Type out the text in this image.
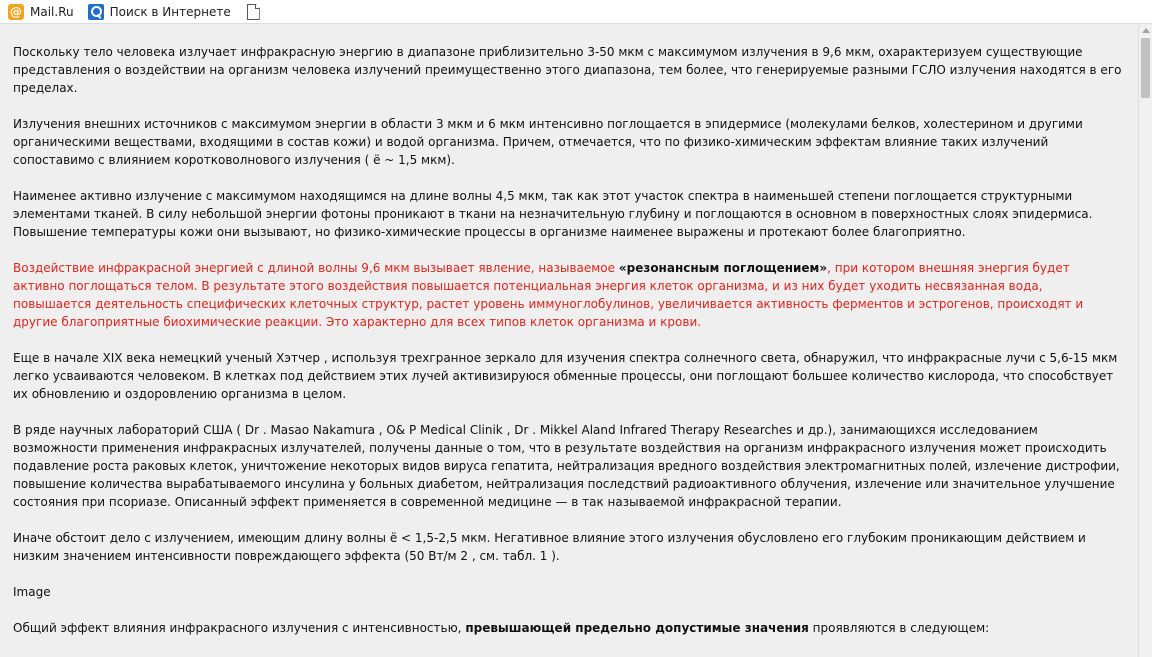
@ Mail.Ru	Поиск в Интернете

Поскольку тело человека излучает инфракрасную энергию в диапазоне приблизительно 3-50 мкм с максимумом излучения в 9,6 мкм, охарактеризуем существующие представления о воздействии на организм человека излучений преимущественно этого диапазона, тем более, что генерируемые разными ГСЛО излучения находятся в его пределах.

Излучения внешних источников с максимумом энергии в области 3 мкм и 6 мкм интенсивно поглощается в эпидермисе (молекулами белков, холестерином и другими органическими веществами, входящими в состав кожи) и водой организма. Причем, отмечается, что по физико-химическим эффектам влияние таких излучений сопоставимо с влиянием коротковолнового излучения ( ë ~ 1,5 мкм).

Наименее активно излучение с максимумом находящимся на длине волны 4,5 мкм, так как этот участок спектра в наименьшей степени поглощается структурными элементами тканей. В силу небольшой энергии фотоны проникают в ткани на незначительную глубину и поглощаются в основном в поверхностных слоях эпидермиса. Повышение температуры кожи они вызывают, но физико-химические процессы в организме наименее выражены и протекают более благоприятно.

Воздействие инфракрасной энергией с длиной волны 9,6 мкм вызывает явление, называемое «резонансным поглощением», при котором внешняя энергия будет активно поглощаться телом. В результате этого воздействия повышается потенциальная энергия клеток организма, и из них будет уходить несвязанная вода, повышается деятельность специфических клеточных структур, растет уровень иммуноглобулинов, увеличивается активность ферментов и эстрогенов, происходят и другие благоприятные биохимические реакции. Это характерно для всех типов клеток организма и крови.

Еще в начале XIX века немецкий ученый Хэтчер , используя трехгранное зеркало для изучения спектра солнечного света, обнаружил, что инфракрасные лучи с 5,6-15 мкм легко усваиваются человеком. В клетках под действием этих лучей активизируюся обменные процессы, они поглощают большее количество кислорода, что способствует их обновлению и оздоровлению организма в целом.

В ряде научных лабораторий США ( Dr . Masao Nakamura , O& P Medical Clinik , Dr . Mikkel Aland Infrared Therapy Researches и др.), занимающихся исследованием возможности применения инфракрасных излучателей, получены данные о том, что в результате воздействия на организм инфракрасного излучения может происходить подавление роста раковых клеток, уничтожение некоторых видов вируса гепатита, нейтрализация вредного воздействия электромагнитных полей, излечение дистрофии, повышение количества вырабатываемого инсулина у больных диабетом, нейтрализация последствий радиоактивного облучения, излечение или значительное улучшение состояния при псориазе. Описанный эффект применяется в современной медицине — в так называемой инфракрасной терапии.

Иначе обстоит дело с излучением, имеющим длину волны ë < 1,5-2,5 мкм. Негативное влияние этого излучения обусловлено его глубоким проникающим действием и низким значением интенсивности повреждающего эффекта (50 Вт/м 2 , см. табл. 1 ).

Image

Общий эффект влияния инфракрасного излучения с интенсивностью, превышающей предельно допустимые значения проявляются в следующем:
